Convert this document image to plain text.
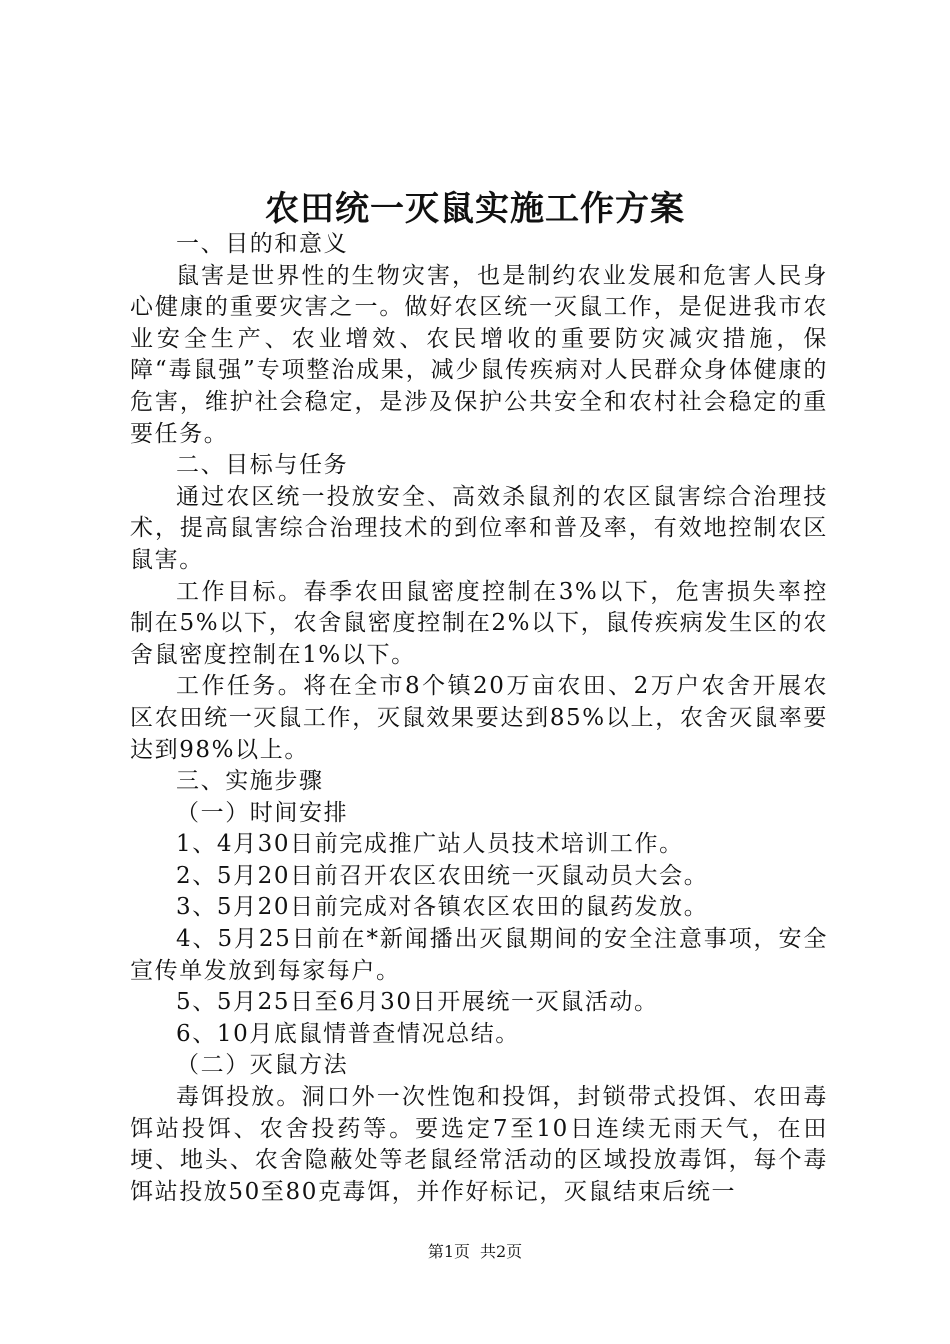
农田统一灭鼠实施工作方案

一、目的和意义

鼠害是世界性的生物灾害，也是制约农业发展和危害人民身心健康的重要灾害之一。做好农区统一灭鼠工作，是促进我市农业安全生产、农业增效、农民增收的重要防灾减灾措施，保障“毒鼠强”专项整治成果，减少鼠传疾病对人民群众身体健康的危害，维护社会稳定，是涉及保护公共安全和农村社会稳定的重要任务。

二、目标与任务

通过农区统一投放安全、高效杀鼠剂的农区鼠害综合治理技术，提高鼠害综合治理技术的到位率和普及率，有效地控制农区鼠害。

工作目标。春季农田鼠密度控制在3%以下，危害损失率控制在5%以下，农舍鼠密度控制在2%以下，鼠传疾病发生区的农舍鼠密度控制在1%以下。

工作任务。将在全市8个镇20万亩农田、2万户农舍开展农区农田统一灭鼠工作，灭鼠效果要达到85%以上，农舍灭鼠率要达到98%以上。

三、实施步骤

（一）时间安排

1、4月30日前完成推广站人员技术培训工作。

2、5月20日前召开农区农田统一灭鼠动员大会。

3、5月20日前完成对各镇农区农田的鼠药发放。

4、5月25日前在*新闻播出灭鼠期间的安全注意事项，安全宣传单发放到每家每户。

5、5月25日至6月30日开展统一灭鼠活动。

6、10月底鼠情普查情况总结。

（二）灭鼠方法

毒饵投放。洞口外一次性饱和投饵，封锁带式投饵、农田毒饵站投饵、农舍投药等。要选定7至10日连续无雨天气，在田埂、地头、农舍隐蔽处等老鼠经常活动的区域投放毒饵，每个毒饵站投放50至80克毒饵，并作好标记，灭鼠结束后统一

第1页 共2页
